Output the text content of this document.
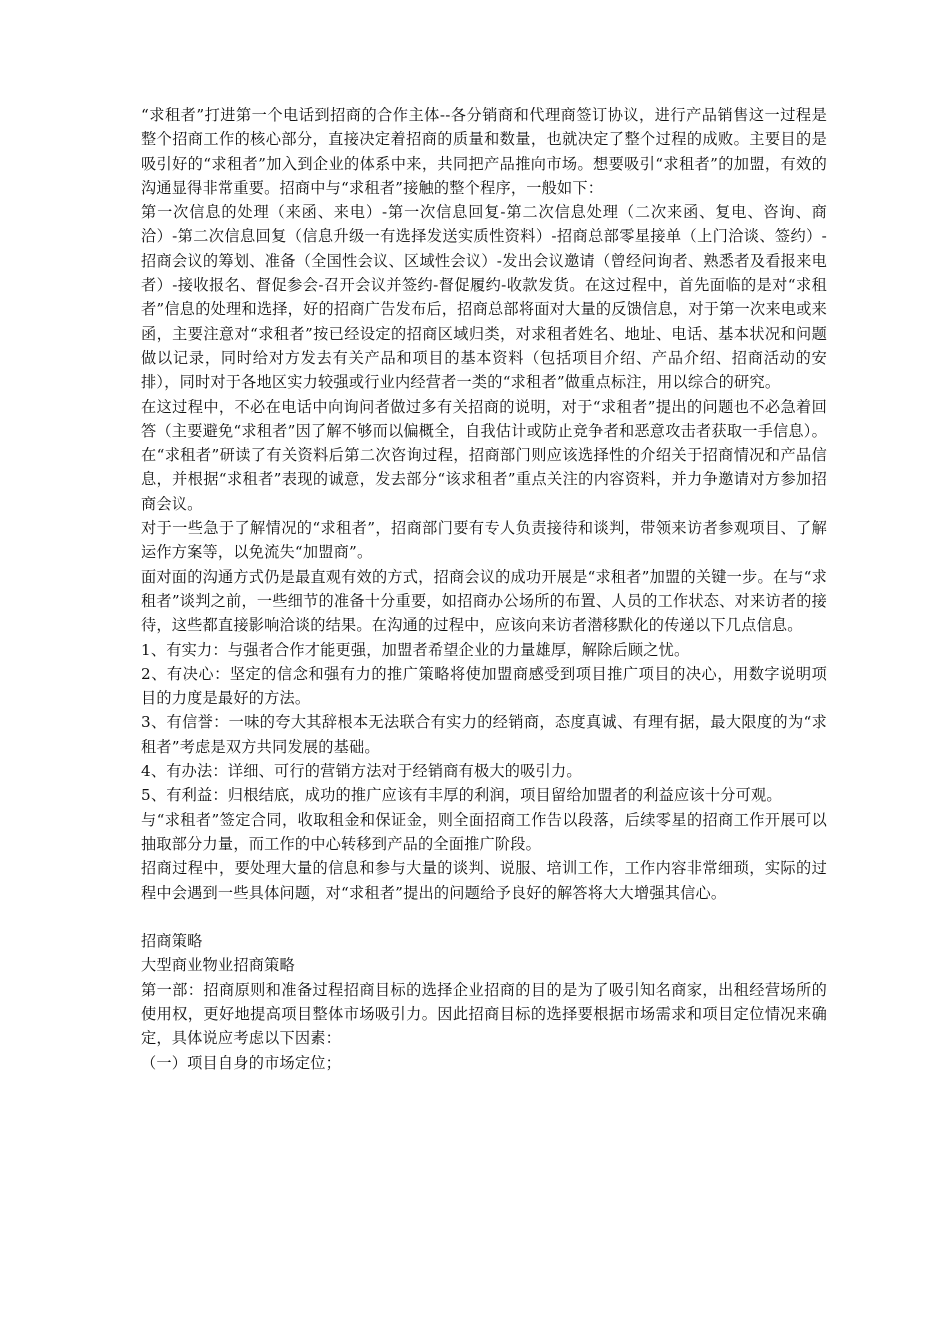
“求租者”打进第一个电话到招商的合作主体--各分销商和代理商签订协议，进行产品销售这一过程是整个招商工作的核心部分，直接决定着招商的质量和数量，也就决定了整个过程的成败。主要目的是吸引好的“求租者”加入到企业的体系中来，共同把产品推向市场。想要吸引“求租者”的加盟，有效的沟通显得非常重要。招商中与“求租者”接触的整个程序，一般如下：

第一次信息的处理（来函、来电）-第一次信息回复-第二次信息处理（二次来函、复电、咨询、商洽）-第二次信息回复（信息升级一有选择发送实质性资料）-招商总部零星接单（上门洽谈、签约）-招商会议的筹划、准备（全国性会议、区域性会议）-发出会议邀请（曾经问询者、熟悉者及看报来电者）-接收报名、督促参会-召开会议并签约-督促履约-收款发货。在这过程中，首先面临的是对“求租者”信息的处理和选择，好的招商广告发布后，招商总部将面对大量的反馈信息，对于第一次来电或来函，主要注意对“求租者”按已经设定的招商区域归类，对求租者姓名、地址、电话、基本状况和问题做以记录，同时给对方发去有关产品和项目的基本资料（包括项目介绍、产品介绍、招商活动的安排），同时对于各地区实力较强或行业内经营者一类的“求租者”做重点标注，用以综合的研究。

在这过程中，不必在电话中向询问者做过多有关招商的说明，对于“求租者”提出的问题也不必急着回答（主要避免“求租者”因了解不够而以偏概全，自我估计或防止竞争者和恶意攻击者获取一手信息）。在“求租者”研读了有关资料后第二次咨询过程，招商部门则应该选择性的介绍关于招商情况和产品信息，并根据“求租者”表现的诚意，发去部分“该求租者”重点关注的内容资料，并力争邀请对方参加招商会议。

对于一些急于了解情况的“求租者”，招商部门要有专人负责接待和谈判，带领来访者参观项目、了解运作方案等，以免流失“加盟商”。

面对面的沟通方式仍是最直观有效的方式，招商会议的成功开展是“求租者”加盟的关键一步。在与“求租者”谈判之前，一些细节的准备十分重要，如招商办公场所的布置、人员的工作状态、对来访者的接待，这些都直接影响洽谈的结果。在沟通的过程中，应该向来访者潜移默化的传递以下几点信息。

1、有实力：与强者合作才能更强，加盟者希望企业的力量雄厚，解除后顾之忧。

2、有决心：坚定的信念和强有力的推广策略将使加盟商感受到项目推广项目的决心，用数字说明项目的力度是最好的方法。

3、有信誉：一味的夸大其辞根本无法联合有实力的经销商，态度真诚、有理有据，最大限度的为“求租者”考虑是双方共同发展的基础。

4、有办法：详细、可行的营销方法对于经销商有极大的吸引力。

5、有利益：归根结底，成功的推广应该有丰厚的利润，项目留给加盟者的利益应该十分可观。

与“求租者”签定合同，收取租金和保证金，则全面招商工作告以段落，后续零星的招商工作开展可以抽取部分力量，而工作的中心转移到产品的全面推广阶段。

招商过程中，要处理大量的信息和参与大量的谈判、说服、培训工作，工作内容非常细琐，实际的过程中会遇到一些具体问题，对“求租者”提出的问题给予良好的解答将大大增强其信心。

招商策略

大型商业物业招商策略

第一部：招商原则和准备过程招商目标的选择企业招商的目的是为了吸引知名商家，出租经营场所的使用权，更好地提高项目整体市场吸引力。因此招商目标的选择要根据市场需求和项目定位情况来确定，具体说应考虑以下因素：

（一）项目自身的市场定位；
